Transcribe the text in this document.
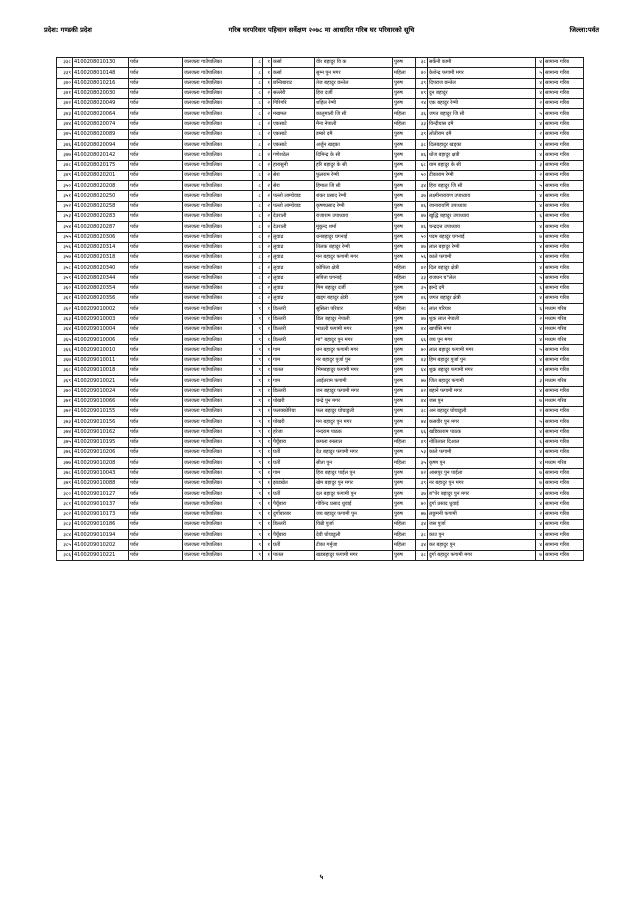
प्रदेश: गण्डकी प्रदेश	गरिब घरपरिवार पहिचान सर्वेक्षण २०७८ मा आधारित गरिब घर परिवारको सूचि	जिल्ला:पर्वत
३३८	4100208010130	पर्वत	जलजला गाउँपालिका	८	१	कर्सा	वीर बहादुर वि क	पुरुष	३८	सर्केनी कामी	४	सामान्य गरिब
३३९	4100208010148	पर्वत	जलजला गाउँपालिका	८	१	कर्सा	सुम्न पुन मगर	महिला	४०	केशेन्द्र फगामी मगर	५	सामान्य गरिब
३४०	4100208010216	पर्वत	जलजला गाउँपालिका	८	१	छन्तिबाराट	तेज बहादुर छन्तेल	पुरुष	३९	दिपराज छन्तेल	४	सामान्य गरिब
३४१	4100208020030	पर्वत	जलजला गाउँपालिका	८	२	सल्लेरी	हिरा दर्जी	पुरुष	४९	दुन बहादुर	४	सामान्य गरिब
३४२	4100208020049	पर्वत	जलजला गाउँपालिका	८	२	गिरिगरि	शहिल रेग्मी	पुरुष	२४	एक बहादुर रेग्मी	२	सामान्य गरिब
३४३	4100208020064	पर्वत	जलजला गाउँपालिका	८	२	मखमल	कालुमाली जि सी	महिला	३६	जगत बहादुर जि सी	५	सामान्य गरिब
३४४	4100208020074	पर्वत	जलजला गाउँपालिका	८	२	एकसाटे	मैना नेपाली	महिला	३३	विन्दीयास दमै	४	सामान्य गरिब
३४५	4100208020089	पर्वत	जलजला गाउँपालिका	८	२	एकसाटे	डम्बरे दमै	पुरुष	३९	लोतीराम दमै	२	सामान्य गरिब
३४६	4100208020094	पर्वत	जलजला गाउँपालिका	८	२	एकसाटे	अर्जुन खड्का	पुरुष	३८	दिलबहादुर खड्का	४	सामान्य गरिब
३४७	4100208020142	पर्वत	जलजला गाउँपालिका	८	२	गणेशठेल	दिमिन्द्र के सी	पुरुष	४६	धोज बहादुर क्षत्री	४	सामान्य गरिब
३४८	4100208020175	पर्वत	जलजला गाउँपालिका	८	२	हारासुनी	हरि बहादुर के सी	पुरुष	६८	याम बहादुर के सी	३	सामान्य गरिब
३४९	4100208020201	पर्वत	जलजला गाउँपालिका	८	२	सेरा	फुलराम रेग्मी	पुरुष	५०	टीकाराम रेग्मी	२	सामान्य गरिब
३५०	4100208020208	पर्वत	जलजला गाउँपालिका	८	२	सेरा	हिमाल जि सी	पुरुष	३४	हिरा बहादुर जि सी	५	सामान्य गरिब
३५१	4100208020250	पर्वत	जलजला गाउँपालिका	८	२	पल्लो लाम्चेवाड	शंकर प्रसाद रेग्मी	पुरुष	३७	लक्ष्मीनारायण उपाध्याय	४	सामान्य गरिब
३५२	4100208020258	पर्वत	जलजला गाउँपालिका	८	२	पल्लो लाम्चेवाड	कृष्णप्रसाद रेग्मी	पुरुष	४६	जानारायणि उपाध्याय	४	सामान्य गरिब
३५३	4100208020283	पर्वत	जलजला गाउँपालिका	८	२	देउराली	राजाराम उपाध्याय	पुरुष	४७	खुद्धि बहादुर उपाध्याय	६	सामान्य गरिब
३५४	4100208020287	पर्वत	जलजला गाउँपालिका	८	२	देउराली	मुकुन्द शर्मा	पुरुष	४६	चन्द्रदत्त उपाध्याय	४	सामान्य गरिब
३५५	4100208020306	पर्वत	जलजला गाउँपालिका	८	२	लुवाढ	धनबहादुर घगनाई	पुरुष	५०	पदम बहादुर घगनाई	७	सामान्य गरिब
३५६	4100208020314	पर्वत	जलजला गाउँपालिका	८	२	लुवाढ	तिलक बहादुर रेग्मी	पुरुष	४७	लाल बहादुर रेग्मी	४	सामान्य गरिब
३५७	4100208020318	पर्वत	जलजला गाउँपालिका	८	२	लुवाढ	मन बहादुर फगामी मगर	पुरुष	५६	काले फगामी	४	सामान्य गरिब
३५८	4100208020340	पर्वत	जलजला गाउँपालिका	८	२	लुवाढ	कोपिला क्षेत्री	महिला	४२	दिल बहादुर क्षेत्री	४	सामान्य गरिब
३५९	4100208020344	पर्वत	जलजला गाउँपालिका	८	२	लुवाढ	सपिता घगनाई	महिला	३३	राजधन घ°लेल	५	सामान्य गरिब
३६०	4100208020354	पर्वत	जलजला गाउँपालिका	८	२	लुवाढ	मिम बहादुर दर्जी	पुरुष	३५	झन्दे दमै	६	सामान्य गरिब
३६१	4100208020356	पर्वत	जलजला गाउँपालिका	८	२	लुवाढ	खड्ग बहादुर क्षेत्री	पुरुष	४६	जगत बहादुर क्षेत्री	४	सामान्य गरिब
३६२	4100209010002	पर्वत	जलजला गाउँपालिका	९	१	डिल्लरी	सुसिला परियार	महिला	२८	लाल परियार	६	मध्यम गरिब
३६३	4100209010003	पर्वत	जलजला गाउँपालिका	९	१	डिल्लरी	डिल बहादुर नेपाली	पुरुष	४७	शुक लाल नेपाली	२	मध्यम गरिब
३६४	4100209010004	पर्वत	जलजला गाउँपालिका	९	१	डिल्लरी	भाउली फगामी मगर	पुरुष	४४	खर्पासि मगर	४	मध्यम गरिब
३६५	4100209010006	पर्वत	जलजला गाउँपालिका	९	१	डिल्लरी	मा° बहादुर पुन मगर	पुरुष	६६	जय पुन मगर	४	मध्यम गरिब
३६६	4100209010010	पर्वत	जलजला गाउँपालिका	९	१	गाम	धन बहादुर फगामी मगर	पुरुष	७०	लाल बहादुर फगामी मगर	५	सामान्य गरिब
३६७	4100209010011	पर्वत	जलजला गाउँपालिका	९	१	गाम	नर बहादुर पुर्जा पुन	पुरुष	४३	हिम बहादुर पुर्जा पुन	४	सामान्य गरिब
३६८	4100209010018	पर्वत	जलजला गाउँपालिका	९	१	पातल	भिमबहादुर फगामी मगर	पुरुष	६४	शुक्र बहादुर फगामी मगर	४	सामान्य गरिब
३६९	4100209010021	पर्वत	जलजला गाउँपालिका	९	१	गाम	आईतराम फगामी	पुरुष	७७	जित बहादुर फगामी	३	मध्यम गरिब
३७०	4100209010024	पर्वत	जलजला गाउँपालिका	९	१	डिल्लरी	जन बहादुर फगामी मगर	पुरुष	४२	बहाने फगामी मगर	४	सामान्य गरिब
३७१	4100209010066	पर्वत	जलजला गाउँपालिका	९	१	पोखरी	चन्द्रे पुन मगर	पुरुष	४४	जस पुन	७	मध्यम गरिब
३७२	4100209010155	पर्वत	जलजला गाउँपालिका	९	१	फलक्कोरिया	फल बहादुर घोचाडुली	पुरुष	३८	अन बहादुर घोचाडुली	२	सामान्य गरिब
३७३	4100209010156	पर्वत	जलजला गाउँपालिका	९	१	पोखरी	मन बहादुर पुन मगर	पुरुष	७४	कसवीर पुन मगर	५	सामान्य गरिब
३७४	4100209010162	पर्वत	जलजला गाउँपालिका	९	१	हरेजा	नन्दराम पाठक	पुरुष	६६	खडिकाराम पाठक	४	सामान्य गरिब
३७५	4100209010195	पर्वत	जलजला गाउँपालिका	९	१	पैयूँबारा	कमला रुस्लाल	महिला	४९	नोतिलाल दिआल	६	सामान्य गरिब
३७६	4100209010206	पर्वत	जलजला गाउँपालिका	९	१	घर्ती	देउ बहादुर फगामी मगर	पुरुष	५३	काले फगामी	४	सामान्य गरिब
३७७	4100209010208	पर्वत	जलजला गाउँपालिका	९	१	घर्ती	सीता पुन	महिला	३५	कृष्ण पुन	४	मध्यम गरिब
३७८	4100209010043	पर्वत	जलजला गाउँपालिका	९	१	गाम	हिरा बहादुर पाईल पुन	पुरुष	४२	आसपुर पुन पाईला	७	सामान्य गरिब
३७९	4100209010088	पर्वत	जलजला गाउँपालिका	९	१	झाडखेत	खेम बहादुर पुन मगर	पुरुष	३९	नर बहादुर पुन मगर	७	सामान्य गरिब
३८०	4100209010127	पर्वत	जलजला गाउँपालिका	९	१	घर्ती	दल बहादुर फगामी पुन	पुरुष	३७	ब°पेर बहादुर पुन मगर	४	सामान्य गरिब
३८१	4100209010137	पर्वत	जलजला गाउँपालिका	९	१	पैयूँबारा	गोविन्द प्रसाद धुवाई	पुरुष	७०	दुर्गा प्रसाद धुवाई	४	सामान्य गरिब
३८२	4100209010173	पर्वत	जलजला गाउँपालिका	९	१	दुर्गोबारबर	जय बहादुर फगामी पुन	पुरुष	७७	लछुमनी फगामी	२	सामान्य गरिब
३८३	4100209010186	पर्वत	जलजला गाउँपालिका	९	१	डिल्लरी	विन्नी पुर्जा	महिला	३४	जस पुर्जा	४	सामान्य गरिब
३८४	4100209010194	पर्वत	जलजला गाउँपालिका	९	१	पैयूँबारा	देवी घोचाडुली	महिला	३८	काउ पुन	४	सामान्य गरिब
३८५	4100209010202	पर्वत	जलजला गाउँपालिका	९	१	घर्ती	टीका गर्मुजा	महिला	३४	कर बहादुर पुन	४	सामान्य गरिब
३८६	4100209010221	पर्वत	जलजला गाउँपालिका	९	१	पातल	खडबहादुर फगामी मगर	पुरुष	३८	दुर्गा बहादुर फगामी मगर	७	सामान्य गरिब
५
